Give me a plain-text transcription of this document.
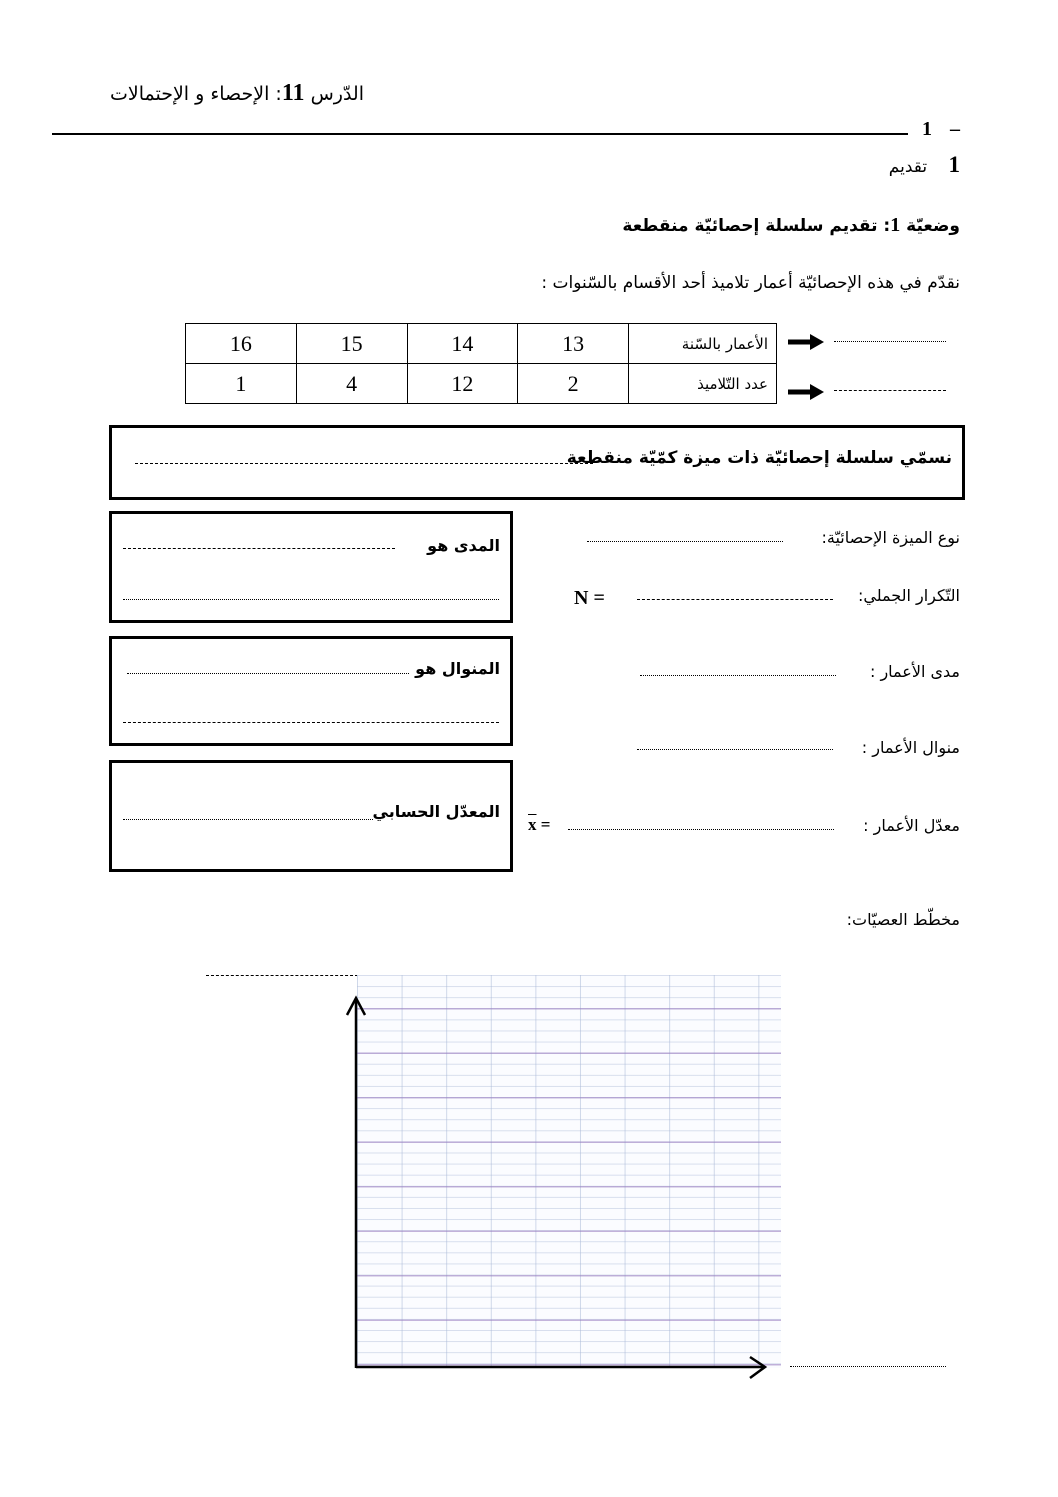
الدّرس 11: الإحصاء و الإحتمالات
1 –
1 تقديم
وضعيّة 1: تقديم سلسلة إحصائيّة منقطعة
نقدّم في هذه الإحصائيّة أعمار تلاميذ أحد الأقسام بالسّنوات :
16	15	14	13	الأعمار بالسّنة
1	4	12	2	عدد التّلاميذ
نسمّي سلسلة إحصائيّة ذات ميزة كمّيّة منقطعة
المدى هو
المنوال هو
المعدّل الحسابي
نوع الميزة الإحصائيّة:
التّكرار الجملي:
N =
مدى الأعمار :
منوال الأعمار :
معدّل الأعمار :
$\overline{x}$ =
مخطّط العصيّات:
